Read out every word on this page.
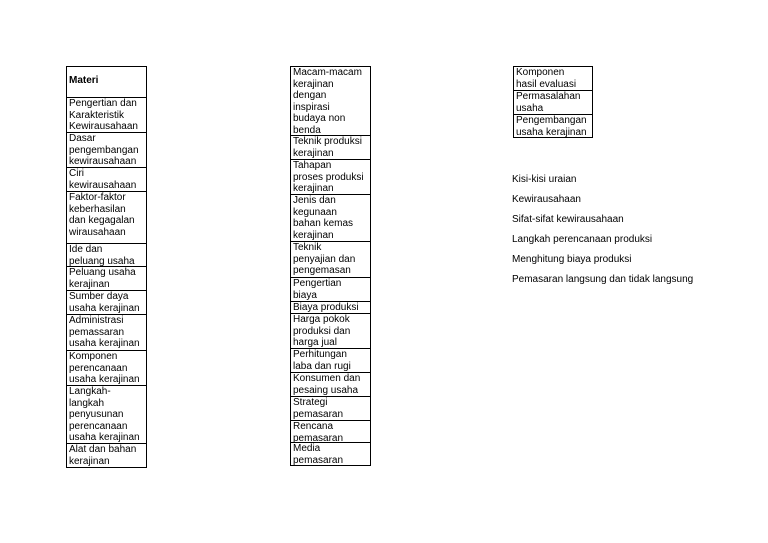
Materi
Pengertian dan
Karakteristik
Kewirausahaan
Dasar
pengembangan
kewirausahaan
Ciri
kewirausahaan
Faktor-faktor
keberhasilan
dan kegagalan
wirausahaan
Ide dan
peluang usaha
Peluang usaha
kerajinan
Sumber daya
usaha kerajinan
Administrasi
pemassaran
usaha kerajinan
Komponen
perencanaan
usaha kerajinan
Langkah-
langkah
penyusunan
perencanaan
usaha kerajinan
Alat dan bahan
kerajinan
Macam-macam
kerajinan
dengan
inspirasi
budaya non
benda
Teknik produksi
kerajinan
Tahapan
proses produksi
kerajinan
Jenis dan
kegunaan
bahan kemas
kerajinan
Teknik
penyajian dan
pengemasan
Pengertian
biaya
Biaya produksi
Harga pokok
produksi dan
harga jual
Perhitungan
laba dan rugi
Konsumen dan
pesaing usaha
Strategi
pemasaran
Rencana
pemasaran
Media
pemasaran
Komponen
hasil evaluasi
Permasalahan
usaha
Pengembangan
usaha kerajinan
Kisi-kisi uraian
Kewirausahaan
Sifat-sifat kewirausahaan
Langkah perencanaan produksi
Menghitung biaya produksi
Pemasaran langsung dan tidak langsung
